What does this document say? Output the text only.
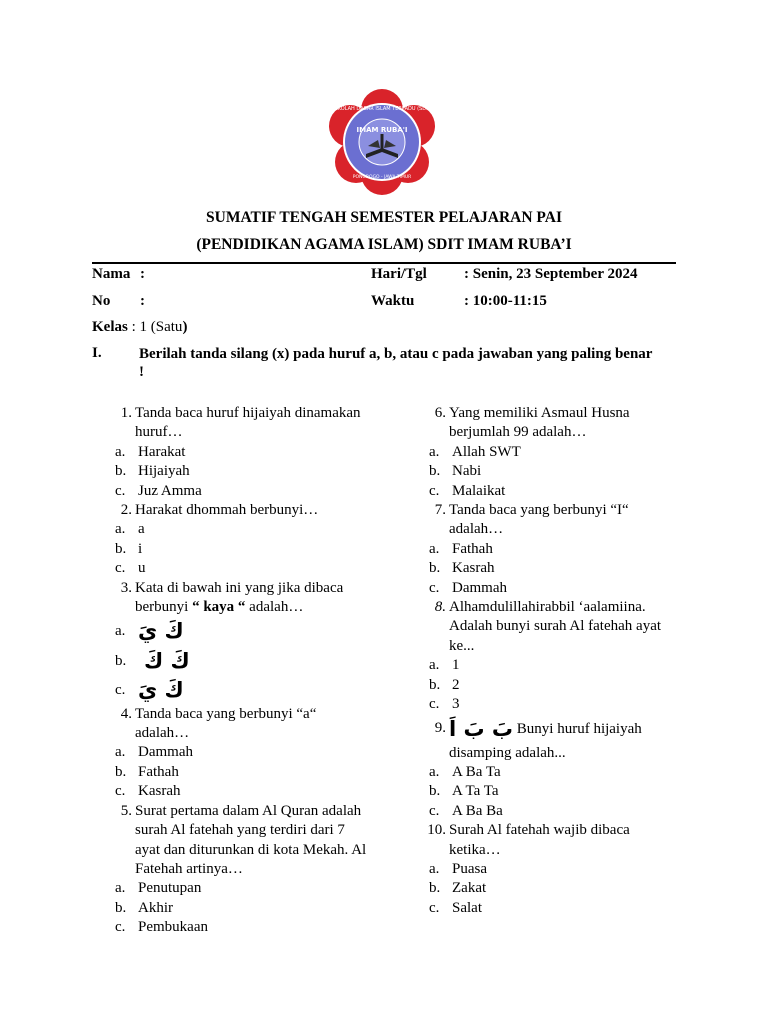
SEKOLAH DASAR ISLAM TERPADU (SDIT)
IMAM RUBA'I
PONOROGO - JAWA TIMUR
SUMATIF TENGAH SEMESTER PELAJARAN PAI
(PENDIDIKAN AGAMA ISLAM) SDIT IMAM RUBA’I
Nama :	Hari/Tgl : Senin, 23 September 2024
No :	Waktu	: 10:00-11:15
Kelas : 1 (Satu)
I. Berilah tanda silang (x) pada huruf a, b, atau c pada jawaban yang paling benar !
1. Tanda baca huruf hijaiyah dinamakan huruf…
a. Harakat
b. Hijaiyah
c. Juz Amma
2. Harakat dhommah berbunyi…
a. a
b. i
c. u
3. Kata di bawah ini yang jika dibaca berbunyi “ kaya “ adalah…
a. كَ يَ
b. كَ كَ
c. كَ يَ
4. Tanda baca yang berbunyi “a“ adalah…
a. Dammah
b. Fathah
c. Kasrah
5. Surat pertama dalam Al Quran adalah surah Al fatehah yang terdiri dari 7 ayat dan diturunkan di kota Mekah. Al Fatehah artinya…
a. Penutupan
b. Akhir
c. Pembukaan
6. Yang memiliki Asmaul Husna berjumlah 99 adalah…
a. Allah SWT
b. Nabi
c. Malaikat
7. Tanda baca yang berbunyi “I“ adalah…
a. Fathah
b. Kasrah
c. Dammah
8. Alhamdulillahirabbil ‘aalamiina. Adalah bunyi surah Al fatehah ayat ke...
a. 1
b. 2
c. 3
9. بَ بَ اَ Bunyi huruf hijaiyah disamping adalah...
a. A Ba Ta
b. A Ta Ta
c. A Ba Ba
10. Surah Al fatehah wajib dibaca ketika…
a. Puasa
b. Zakat
c. Salat
